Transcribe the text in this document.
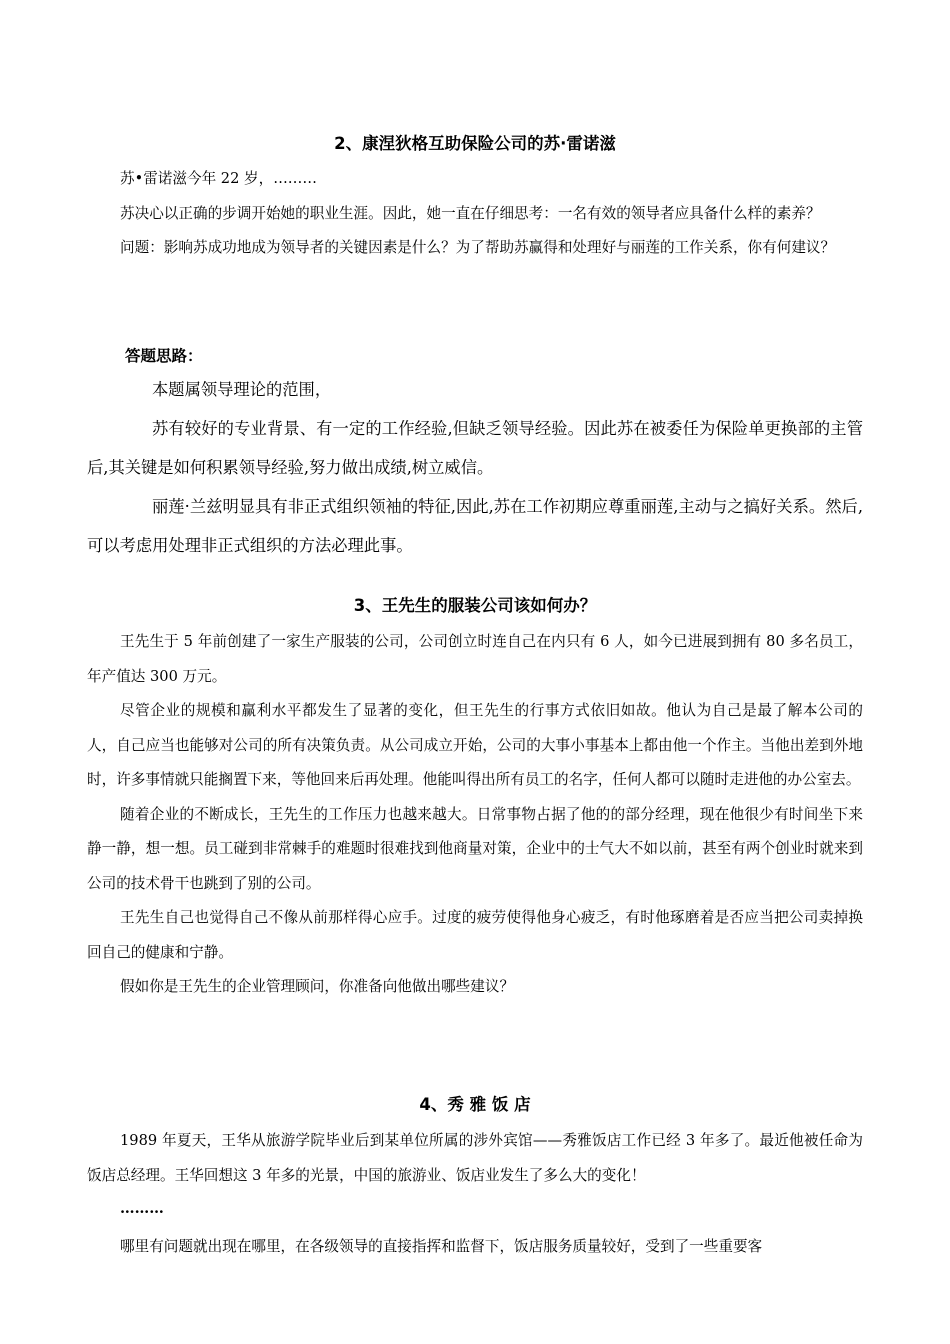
2、康涅狄格互助保险公司的苏·雷诺滋

苏•雷诺滋今年 22 岁，………

苏决心以正确的步调开始她的职业生涯。因此，她一直在仔细思考：一名有效的领导者应具备什么样的素养？

问题：影响苏成功地成为领导者的关键因素是什么？为了帮助苏赢得和处理好与丽莲的工作关系，你有何建议？

答题思路：

本题属领导理论的范围，

苏有较好的专业背景、有一定的工作经验,但缺乏领导经验。因此苏在被委任为保险单更换部的主管后,其关键是如何积累领导经验,努力做出成绩,树立威信。

丽莲·兰兹明显具有非正式组织领袖的特征,因此,苏在工作初期应尊重丽莲,主动与之搞好关系。然后,可以考虑用处理非正式组织的方法必理此事。

3、王先生的服装公司该如何办？

王先生于 5 年前创建了一家生产服装的公司，公司创立时连自己在内只有 6 人，如今已进展到拥有 80 多名员工，年产值达 300 万元。

尽管企业的规模和赢利水平都发生了显著的变化，但王先生的行事方式依旧如故。他认为自己是最了解本公司的人，自己应当也能够对公司的所有决策负责。从公司成立开始，公司的大事小事基本上都由他一个作主。当他出差到外地时，许多事情就只能搁置下来，等他回来后再处理。他能叫得出所有员工的名字，任何人都可以随时走进他的办公室去。

随着企业的不断成长，王先生的工作压力也越来越大。日常事物占据了他的的部分经理，现在他很少有时间坐下来静一静，想一想。员工碰到非常棘手的难题时很难找到他商量对策，企业中的士气大不如以前，甚至有两个创业时就来到公司的技术骨干也跳到了别的公司。

王先生自己也觉得自己不像从前那样得心应手。过度的疲劳使得他身心疲乏，有时他琢磨着是否应当把公司卖掉换回自己的健康和宁静。

假如你是王先生的企业管理顾问，你准备向他做出哪些建议？

4、秀 雅 饭 店

1989 年夏天，王华从旅游学院毕业后到某单位所属的涉外宾馆——秀雅饭店工作已经 3 年多了。最近他被任命为饭店总经理。王华回想这 3 年多的光景，中国的旅游业、饭店业发生了多么大的变化！

………

哪里有问题就出现在哪里，在各级领导的直接指挥和监督下，饭店服务质量较好，受到了一些重要客
